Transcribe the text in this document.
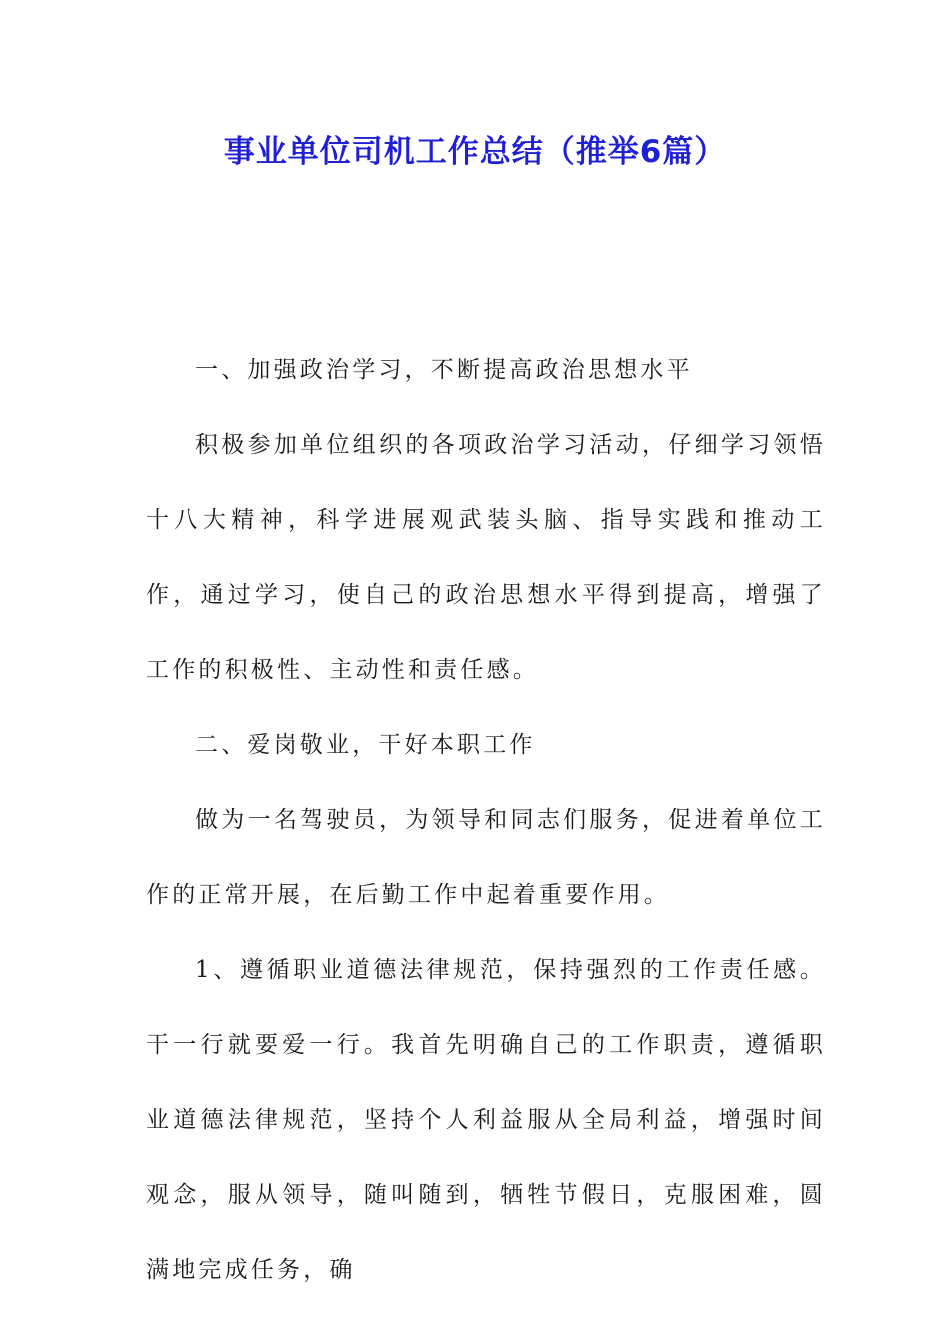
事业单位司机工作总结（推举6篇）

一、加强政治学习，不断提高政治思想水平

积极参加单位组织的各项政治学习活动，仔细学习领悟十八大精神，科学进展观武装头脑、指导实践和推动工作，通过学习，使自己的政治思想水平得到提高，增强了工作的积极性、主动性和责任感。

二、爱岗敬业，干好本职工作

做为一名驾驶员，为领导和同志们服务，促进着单位工作的正常开展，在后勤工作中起着重要作用。

1、遵循职业道德法律规范，保持强烈的工作责任感。干一行就要爱一行。我首先明确自己的工作职责，遵循职业道德法律规范，坚持个人利益服从全局利益，增强时间观念，服从领导，随叫随到，牺牲节假日，克服困难，圆满地完成任务，确
